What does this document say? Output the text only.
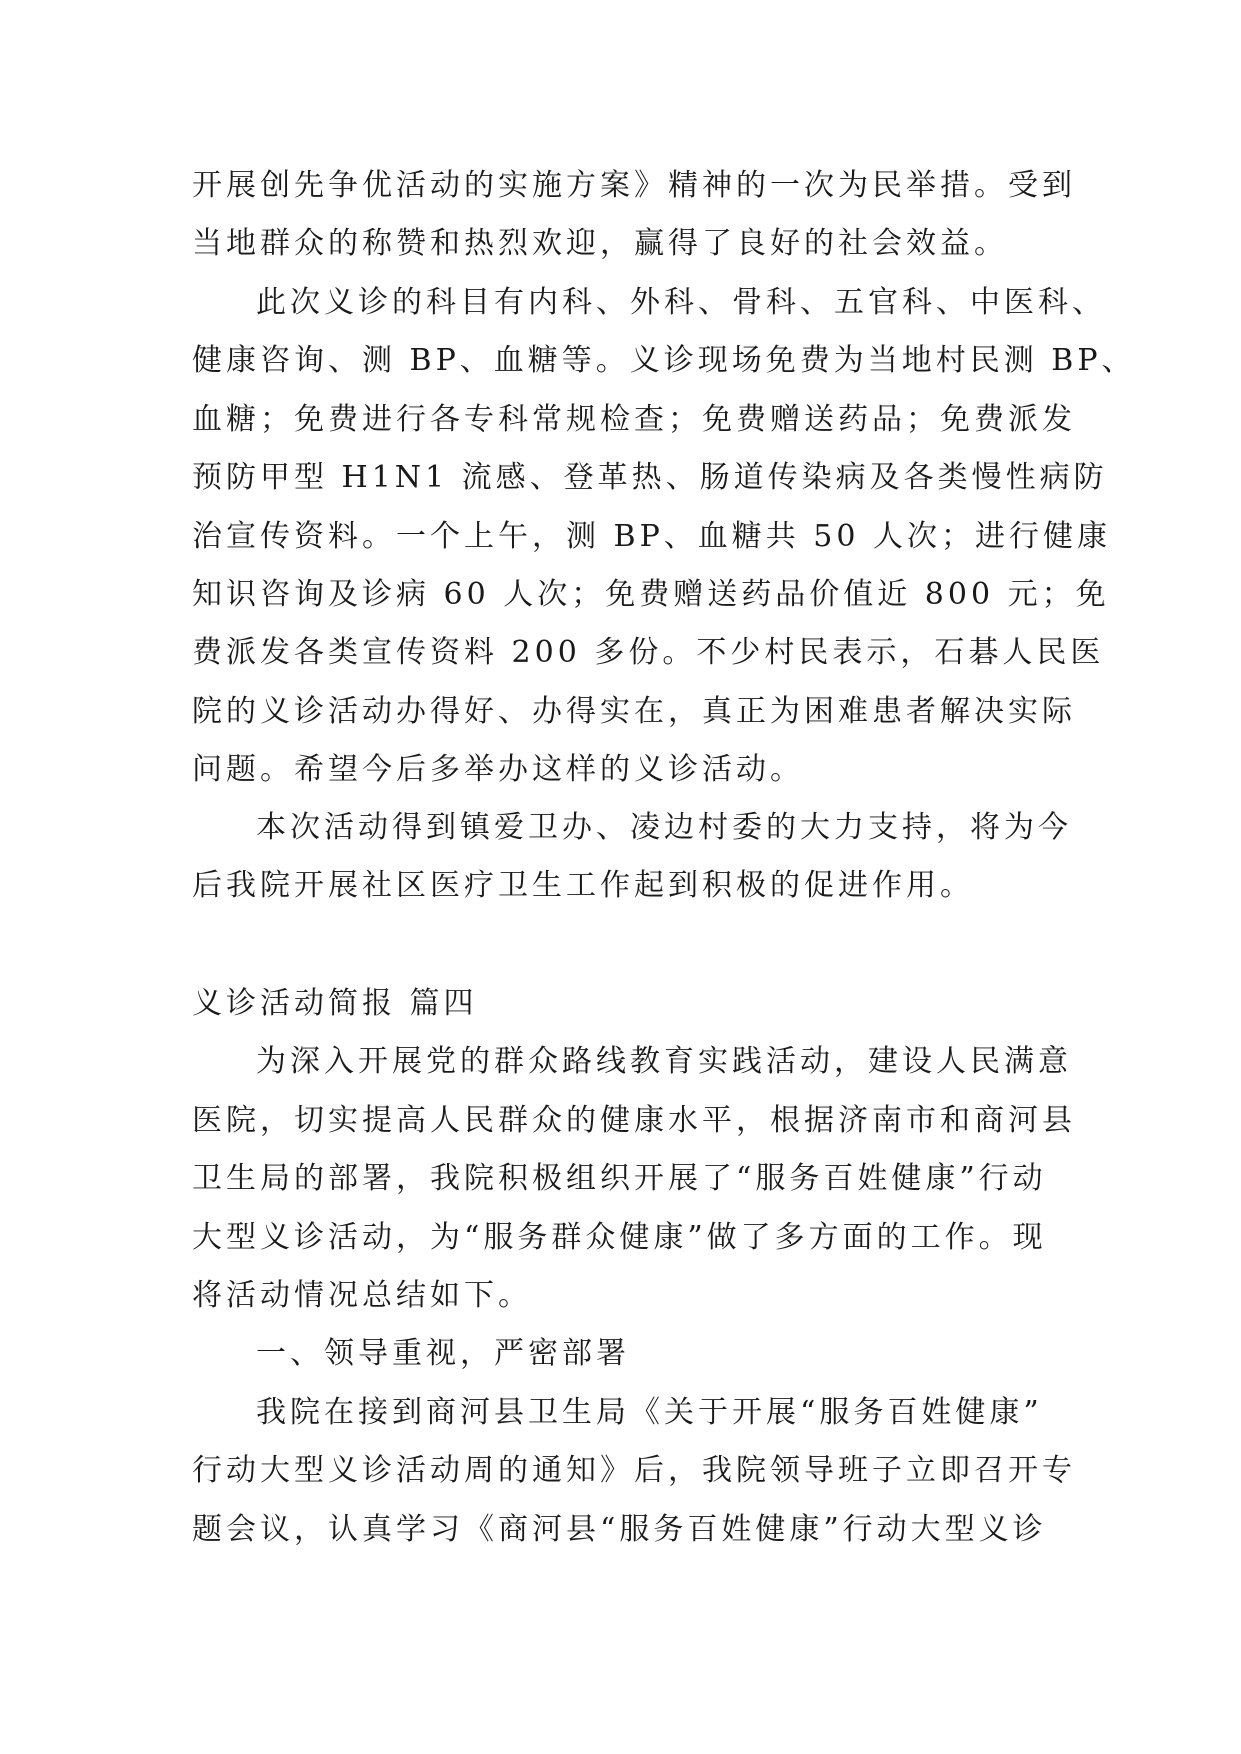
开展创先争优活动的实施方案》精神的一次为民举措。受到
当地群众的称赞和热烈欢迎，赢得了良好的社会效益。
此次义诊的科目有内科、外科、骨科、五官科、中医科、
健康咨询、测 BP、血糖等。义诊现场免费为当地村民测 BP、
血糖；免费进行各专科常规检查；免费赠送药品；免费派发
预防甲型 H1N1 流感、登革热、肠道传染病及各类慢性病防
治宣传资料。一个上午，测 BP、血糖共 50 人次；进行健康
知识咨询及诊病 60 人次；免费赠送药品价值近 800 元；免
费派发各类宣传资料 200 多份。不少村民表示，石碁人民医
院的义诊活动办得好、办得实在，真正为困难患者解决实际
问题。希望今后多举办这样的义诊活动。
本次活动得到镇爱卫办、凌边村委的大力支持，将为今
后我院开展社区医疗卫生工作起到积极的促进作用。
义诊活动简报 篇四
为深入开展党的群众路线教育实践活动，建设人民满意
医院，切实提高人民群众的健康水平，根据济南市和商河县
卫生局的部署，我院积极组织开展了“服务百姓健康”行动
大型义诊活动，为“服务群众健康”做了多方面的工作。现
将活动情况总结如下。
一、领导重视，严密部署
我院在接到商河县卫生局《关于开展“服务百姓健康”
行动大型义诊活动周的通知》后，我院领导班子立即召开专
题会议，认真学习《商河县“服务百姓健康”行动大型义诊
